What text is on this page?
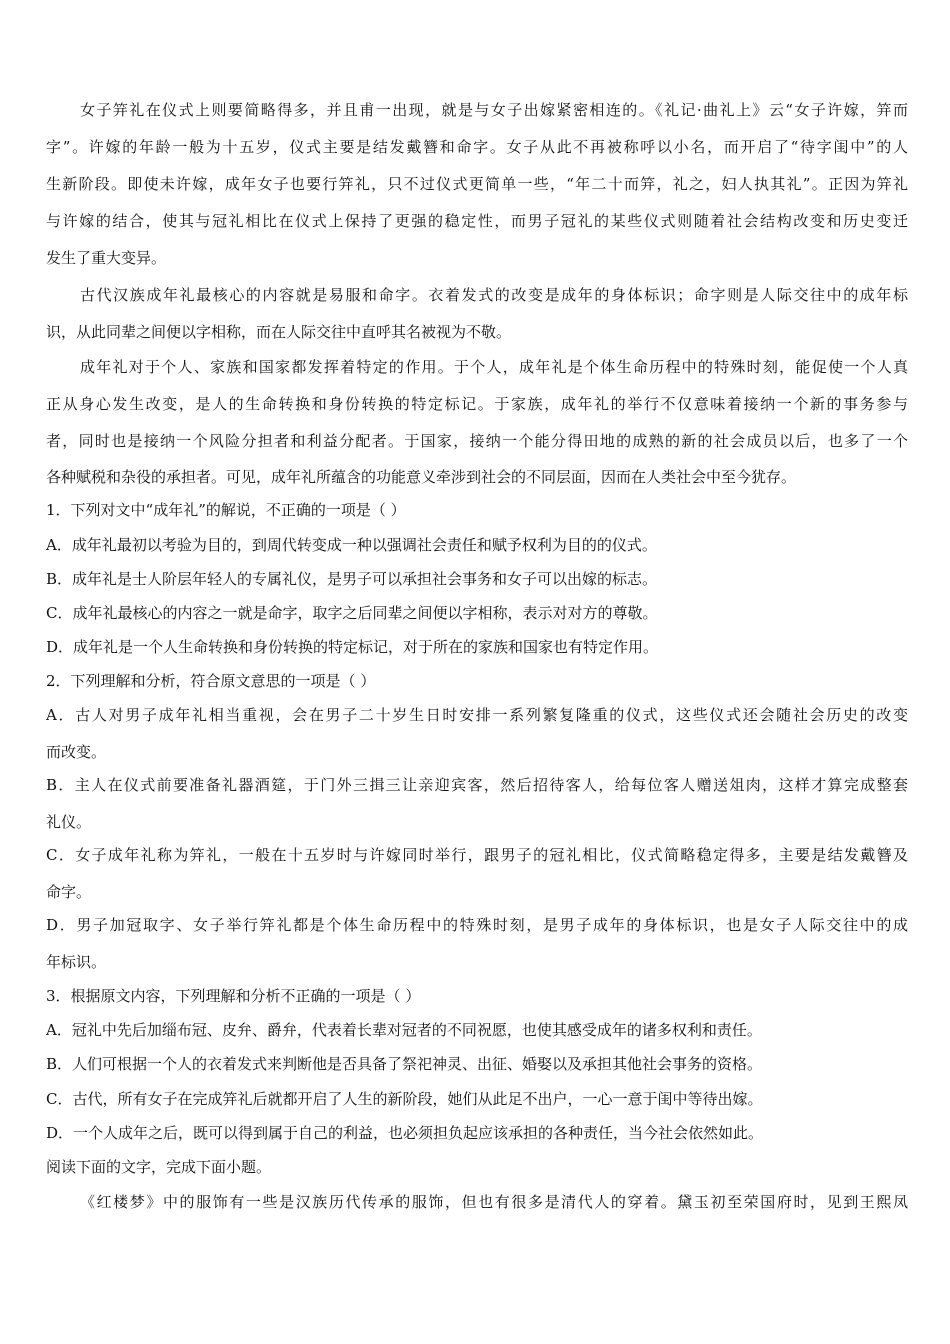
女子笄礼在仪式上则要简略得多，并且甫一出现，就是与女子出嫁紧密相连的。《礼记·曲礼上》云“女子许嫁，笄而
字”。许嫁的年龄一般为十五岁，仪式主要是结发戴簪和命字。女子从此不再被称呼以小名，而开启了“待字闺中”的人
生新阶段。即使未许嫁，成年女子也要行笄礼，只不过仪式更简单一些，“年二十而笄，礼之，妇人执其礼”。正因为笄礼
与许嫁的结合，使其与冠礼相比在仪式上保持了更强的稳定性，而男子冠礼的某些仪式则随着社会结构改变和历史变迁
发生了重大变异。
古代汉族成年礼最核心的内容就是易服和命字。衣着发式的改变是成年的身体标识；命字则是人际交往中的成年标
识，从此同辈之间便以字相称，而在人际交往中直呼其名被视为不敬。
成年礼对于个人、家族和国家都发挥着特定的作用。于个人，成年礼是个体生命历程中的特殊时刻，能促使一个人真
正从身心发生改变，是人的生命转换和身份转换的特定标记。于家族，成年礼的举行不仅意味着接纳一个新的事务参与
者，同时也是接纳一个风险分担者和利益分配者。于国家，接纳一个能分得田地的成熟的新的社会成员以后，也多了一个
各种赋税和杂役的承担者。可见，成年礼所蕴含的功能意义牵涉到社会的不同层面，因而在人类社会中至今犹存。
1．下列对文中“成年礼”的解说，不正确的一项是（ ）
A．成年礼最初以考验为目的，到周代转变成一种以强调社会责任和赋予权利为目的的仪式。
B．成年礼是士人阶层年轻人的专属礼仪，是男子可以承担社会事务和女子可以出嫁的标志。
C．成年礼最核心的内容之一就是命字，取字之后同辈之间便以字相称，表示对对方的尊敬。
D．成年礼是一个人生命转换和身份转换的特定标记，对于所在的家族和国家也有特定作用。
2．下列理解和分析，符合原文意思的一项是（ ）
A．古人对男子成年礼相当重视，会在男子二十岁生日时安排一系列繁复隆重的仪式，这些仪式还会随社会历史的改变
而改变。
B．主人在仪式前要准备礼器酒筵，于门外三揖三让亲迎宾客，然后招待客人，给每位客人赠送俎肉，这样才算完成整套
礼仪。
C．女子成年礼称为笄礼，一般在十五岁时与许嫁同时举行，跟男子的冠礼相比，仪式简略稳定得多，主要是结发戴簪及
命字。
D．男子加冠取字、女子举行笄礼都是个体生命历程中的特殊时刻，是男子成年的身体标识，也是女子人际交往中的成
年标识。
3．根据原文内容，下列理解和分析不正确的一项是（ ）
A．冠礼中先后加缁布冠、皮弁、爵弁，代表着长辈对冠者的不同祝愿，也使其感受成年的诸多权利和责任。
B．人们可根据一个人的衣着发式来判断他是否具备了祭祀神灵、出征、婚娶以及承担其他社会事务的资格。
C．古代，所有女子在完成笄礼后就都开启了人生的新阶段，她们从此足不出户，一心一意于闺中等待出嫁。
D．一个人成年之后，既可以得到属于自己的利益，也必须担负起应该承担的各种责任，当今社会依然如此。
阅读下面的文字，完成下面小题。
《红楼梦》中的服饰有一些是汉族历代传承的服饰，但也有很多是清代人的穿着。黛玉初至荣国府时，见到王熙凤
